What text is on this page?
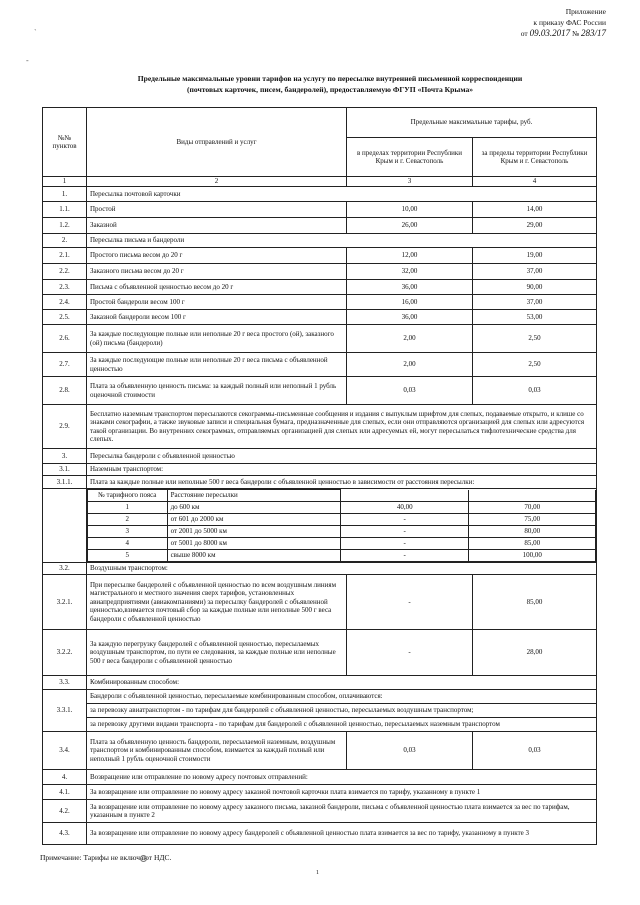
Приложение
к приказу ФАС России
от 09.03.2017 № 283/17
`
-
Предельные максимальные уровни тарифов на услугу по пересылке внутренней письменной корреспонденции
(почтовых карточек, писем, бандеролей), предоставляемую ФГУП «Почта Крыма»
№№ пунктов	Виды отправлений и услуг	Предельные максимальные тарифы, руб.
в пределах территории Республики Крым и г. Севастополь	за пределы территории Республики Крым и г. Севастополь
1	2	3	4
1.	Пересылка почтовой карточки
1.1.	Простой	10,00	14,00
1.2.	Заказной	26,00	29,00
2.	Пересылка письма и бандероли
2.1.	Простого письма весом до 20 г	12,00	19,00
2.2.	Заказного письма весом до 20 г	32,00	37,00
2.3.	Письма с объявленной ценностью весом до 20 г	36,00	90,00
2.4.	Простой бандероли весом 100 г	16,00	37,00
2.5.	Заказной бандероли весом 100 г	36,00	53,00
2.6.	За каждые последующие полные или неполные 20 г веса простого (ой), заказного (ой) письма (бандероли)	2,00	2,50
2.7.	За каждые последующие полные или неполные 20 г веса письма с объявленной ценностью	2,00	2,50
2.8.	Плата за объявленную ценность письма: за каждый полный или неполный 1 рубль оценочной стоимости	0,03	0,03
2.9.	Бесплатно наземным транспортом пересылаются секограммы-письменные сообщения и издания с выпуклым шрифтом для слепых, подаваемые открыто, и клише со знаками секографии, а также звуковые записи и специальная бумага, предназначенные для слепых, если они отправляются организацией для слепых или адресуются такой организации. Во внутренних секограммах, отправляемых организацией для слепых или адресуемых ей, могут пересылаться тифлотехнические средства для слепых.
3.	Пересылка бандероли с объявленной ценностью
3.1.	Наземным транспортом:
3.1.1.	Плата за каждые полные или неполные 500 г веса бандероли с объявленной ценностью в зависимости от расстояния пересылки:

№ тарифного пояса	Расстояние пересылки		
1	до 600 км	40,00	70,00
2	от 601 до 2000 км	-	75,00
3	от 2001 до 5000 км	-	80,00
4	от 5001 до 8000 км	-	85,00
5	свыше 8000 км	-	100,00

3.2.	Воздушным транспортом:
3.2.1.	При пересылке бандеролей с объявленной ценностью по всем воздушным линиям магистрального и местного значения сверх тарифов, установленных авиапредприятиями (авиакомпаниями) за пересылку бандеролей с объявленной ценностью,взимается почтовый сбор за каждые полные или неполные 500 г веса бандероли с объявленной ценностью	-	85,00
3.2.2.	За каждую перегрузку бандеролей с объявленной ценностью, пересылаемых воздушным транспортом, по пути ее следования, за каждые полные или неполные 500 г веса бандероли с объявленной ценностью	-	28,00
3.3.	Комбинированным способом:
3.3.1.	
Бандероли с объявленной ценностью, пересылаемые комбинированным способом, оплачиваются:
за перевозку авиатранспортом - по тарифам для бандеролей с объявленной ценностью, пересылаемых воздушным транспортом;
за перевозку другими видами транспорта - по тарифам для бандеролей с объявленной ценностью, пересылаемых наземным транспортом

3.4.	Плата за объявленную ценность бандероли, пересылаемой наземным, воздушным транспортом и комбинированным способом, взимается за каждый полный или неполный 1 рубль оценочной стоимости	0,03	0,03
4.	Возвращение или отправление по новому адресу почтовых отправлений:
4.1.	За возвращение или отправление по новому адресу заказной почтовой карточки плата взимается по тарифу, указанному в пункте 1
4.2.	За возвращение или отправление по новому адресу заказного письма, заказной бандероли, письма с объявленной ценностью плата взимается за вес по тарифам, указанным в пункте 2
4.3.	За возвращение или отправление по новому адресу бандеролей с объявленной ценностью плата взимается за вес по тарифу, указанному в пункте 3
Примечание: Тарифы не включают НДС.
1
